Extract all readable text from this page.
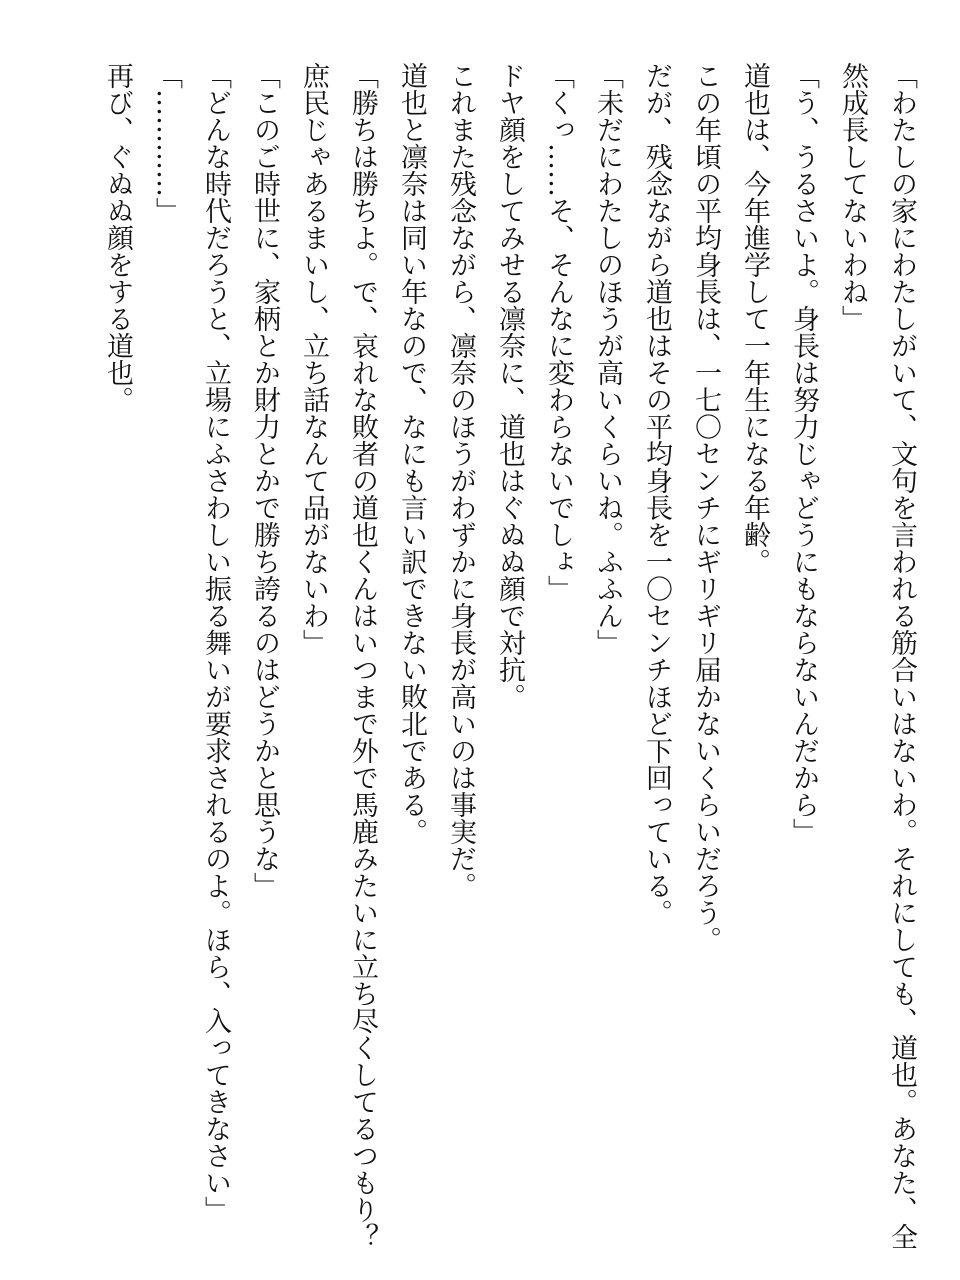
「わたしの家にわたしがいて、文句を言われる筋合いはないわ。それにしても、道也。あなた、全然成長してないわね」
「う、うるさいよ。身長は努力じゃどうにもならないんだから」
道也は、今年進学して一年生になる年齢。
この年頃の平均身長は、一七〇センチにギリギリ届かないくらいだろう。
だが、残念ながら道也はその平均身長を一〇センチほど下回っている。
「未だにわたしのほうが高いくらいね。ふふん」
「くっ……そ、そんなに変わらないでしょ」
ドヤ顔をしてみせる凛奈に、道也はぐぬぬ顔で対抗。
これまた残念ながら、凛奈のほうがわずかに身長が高いのは事実だ。
道也と凛奈は同い年なので、なにも言い訳できない敗北である。
「勝ちは勝ちよ。で、哀れな敗者の道也くんはいつまで外で馬鹿みたいに立ち尽くしてるつもり？　庶民じゃあるまいし、立ち話なんて品がないわ」
「このご時世に、家柄とか財力とかで勝ち誇るのはどうかと思うな」
「どんな時代だろうと、立場にふさわしい振る舞いが要求されるのよ。ほら、入ってきなさい」
「…………」
再び、ぐぬぬ顔をする道也。
